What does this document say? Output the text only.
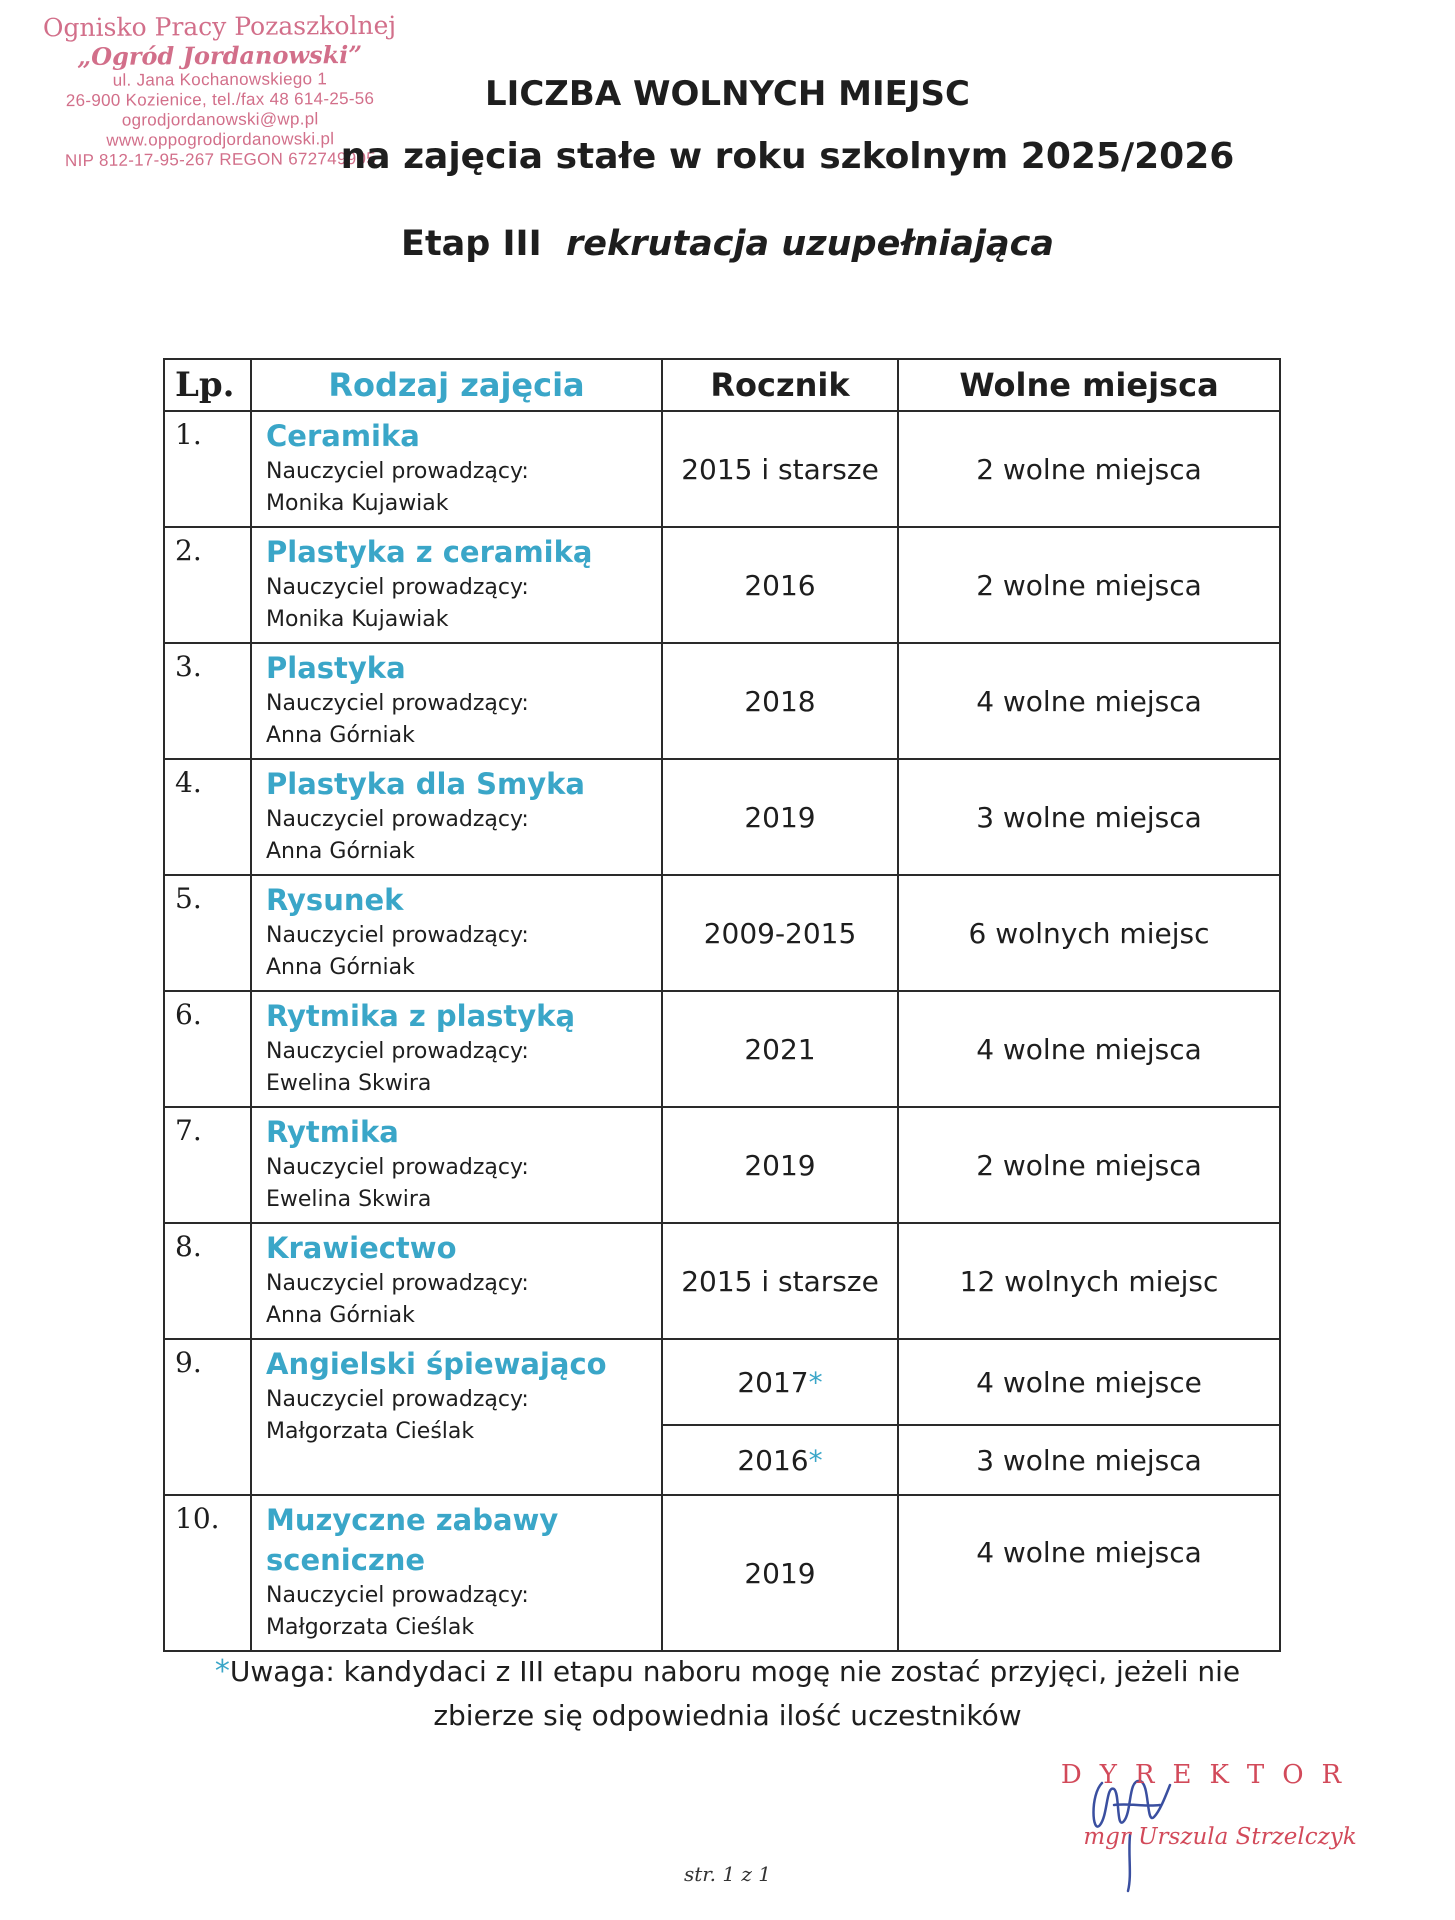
Ognisko Pracy Pozaszkolnej
„Ogród Jordanowski”
ul. Jana Kochanowskiego 1
26-900 Kozienice, tel./fax 48 614-25-56
ogrodjordanowski@wp.pl
www.oppogrodjordanowski.pl
NIP 812-17-95-267 REGON 672749905
LICZBA WOLNYCH MIEJSC
na zajęcia stałe w roku szkolnym 2025/2026
Etap III rekrutacja uzupełniająca
Lp.	Rodzaj zajęcia	Rocznik	Wolne miejsca
1.	Ceramika
Nauczyciel prowadzący:
Monika Kujawiak	2015 i starsze	2 wolne miejsca
2.	Plastyka z ceramiką
Nauczyciel prowadzący:
Monika Kujawiak	2016	2 wolne miejsca
3.	Plastyka
Nauczyciel prowadzący:
Anna Górniak	2018	4 wolne miejsca
4.	Plastyka dla Smyka
Nauczyciel prowadzący:
Anna Górniak	2019	3 wolne miejsca
5.	Rysunek
Nauczyciel prowadzący:
Anna Górniak	2009-2015	6 wolnych miejsc
6.	Rytmika z plastyką
Nauczyciel prowadzący:
Ewelina Skwira	2021	4 wolne miejsca
7.	Rytmika
Nauczyciel prowadzący:
Ewelina Skwira	2019	2 wolne miejsca
8.	Krawiectwo
Nauczyciel prowadzący:
Anna Górniak	2015 i starsze	12 wolnych miejsc
9.	Angielski śpiewająco
Nauczyciel prowadzący:
Małgorzata Cieślak	2017*	4 wolne miejsce
		2016*	3 wolne miejsca
10.	Muzyczne zabawy
sceniczne
Nauczyciel prowadzący:
Małgorzata Cieślak	2019	4 wolne miejsca
*Uwaga: kandydaci z III etapu naboru mogę nie zostać przyjęci, jeżeli nie
zbierze się odpowiednia ilość uczestników
DYREKTOR
mgr Urszula Strzelczyk
str. 1 z 1
